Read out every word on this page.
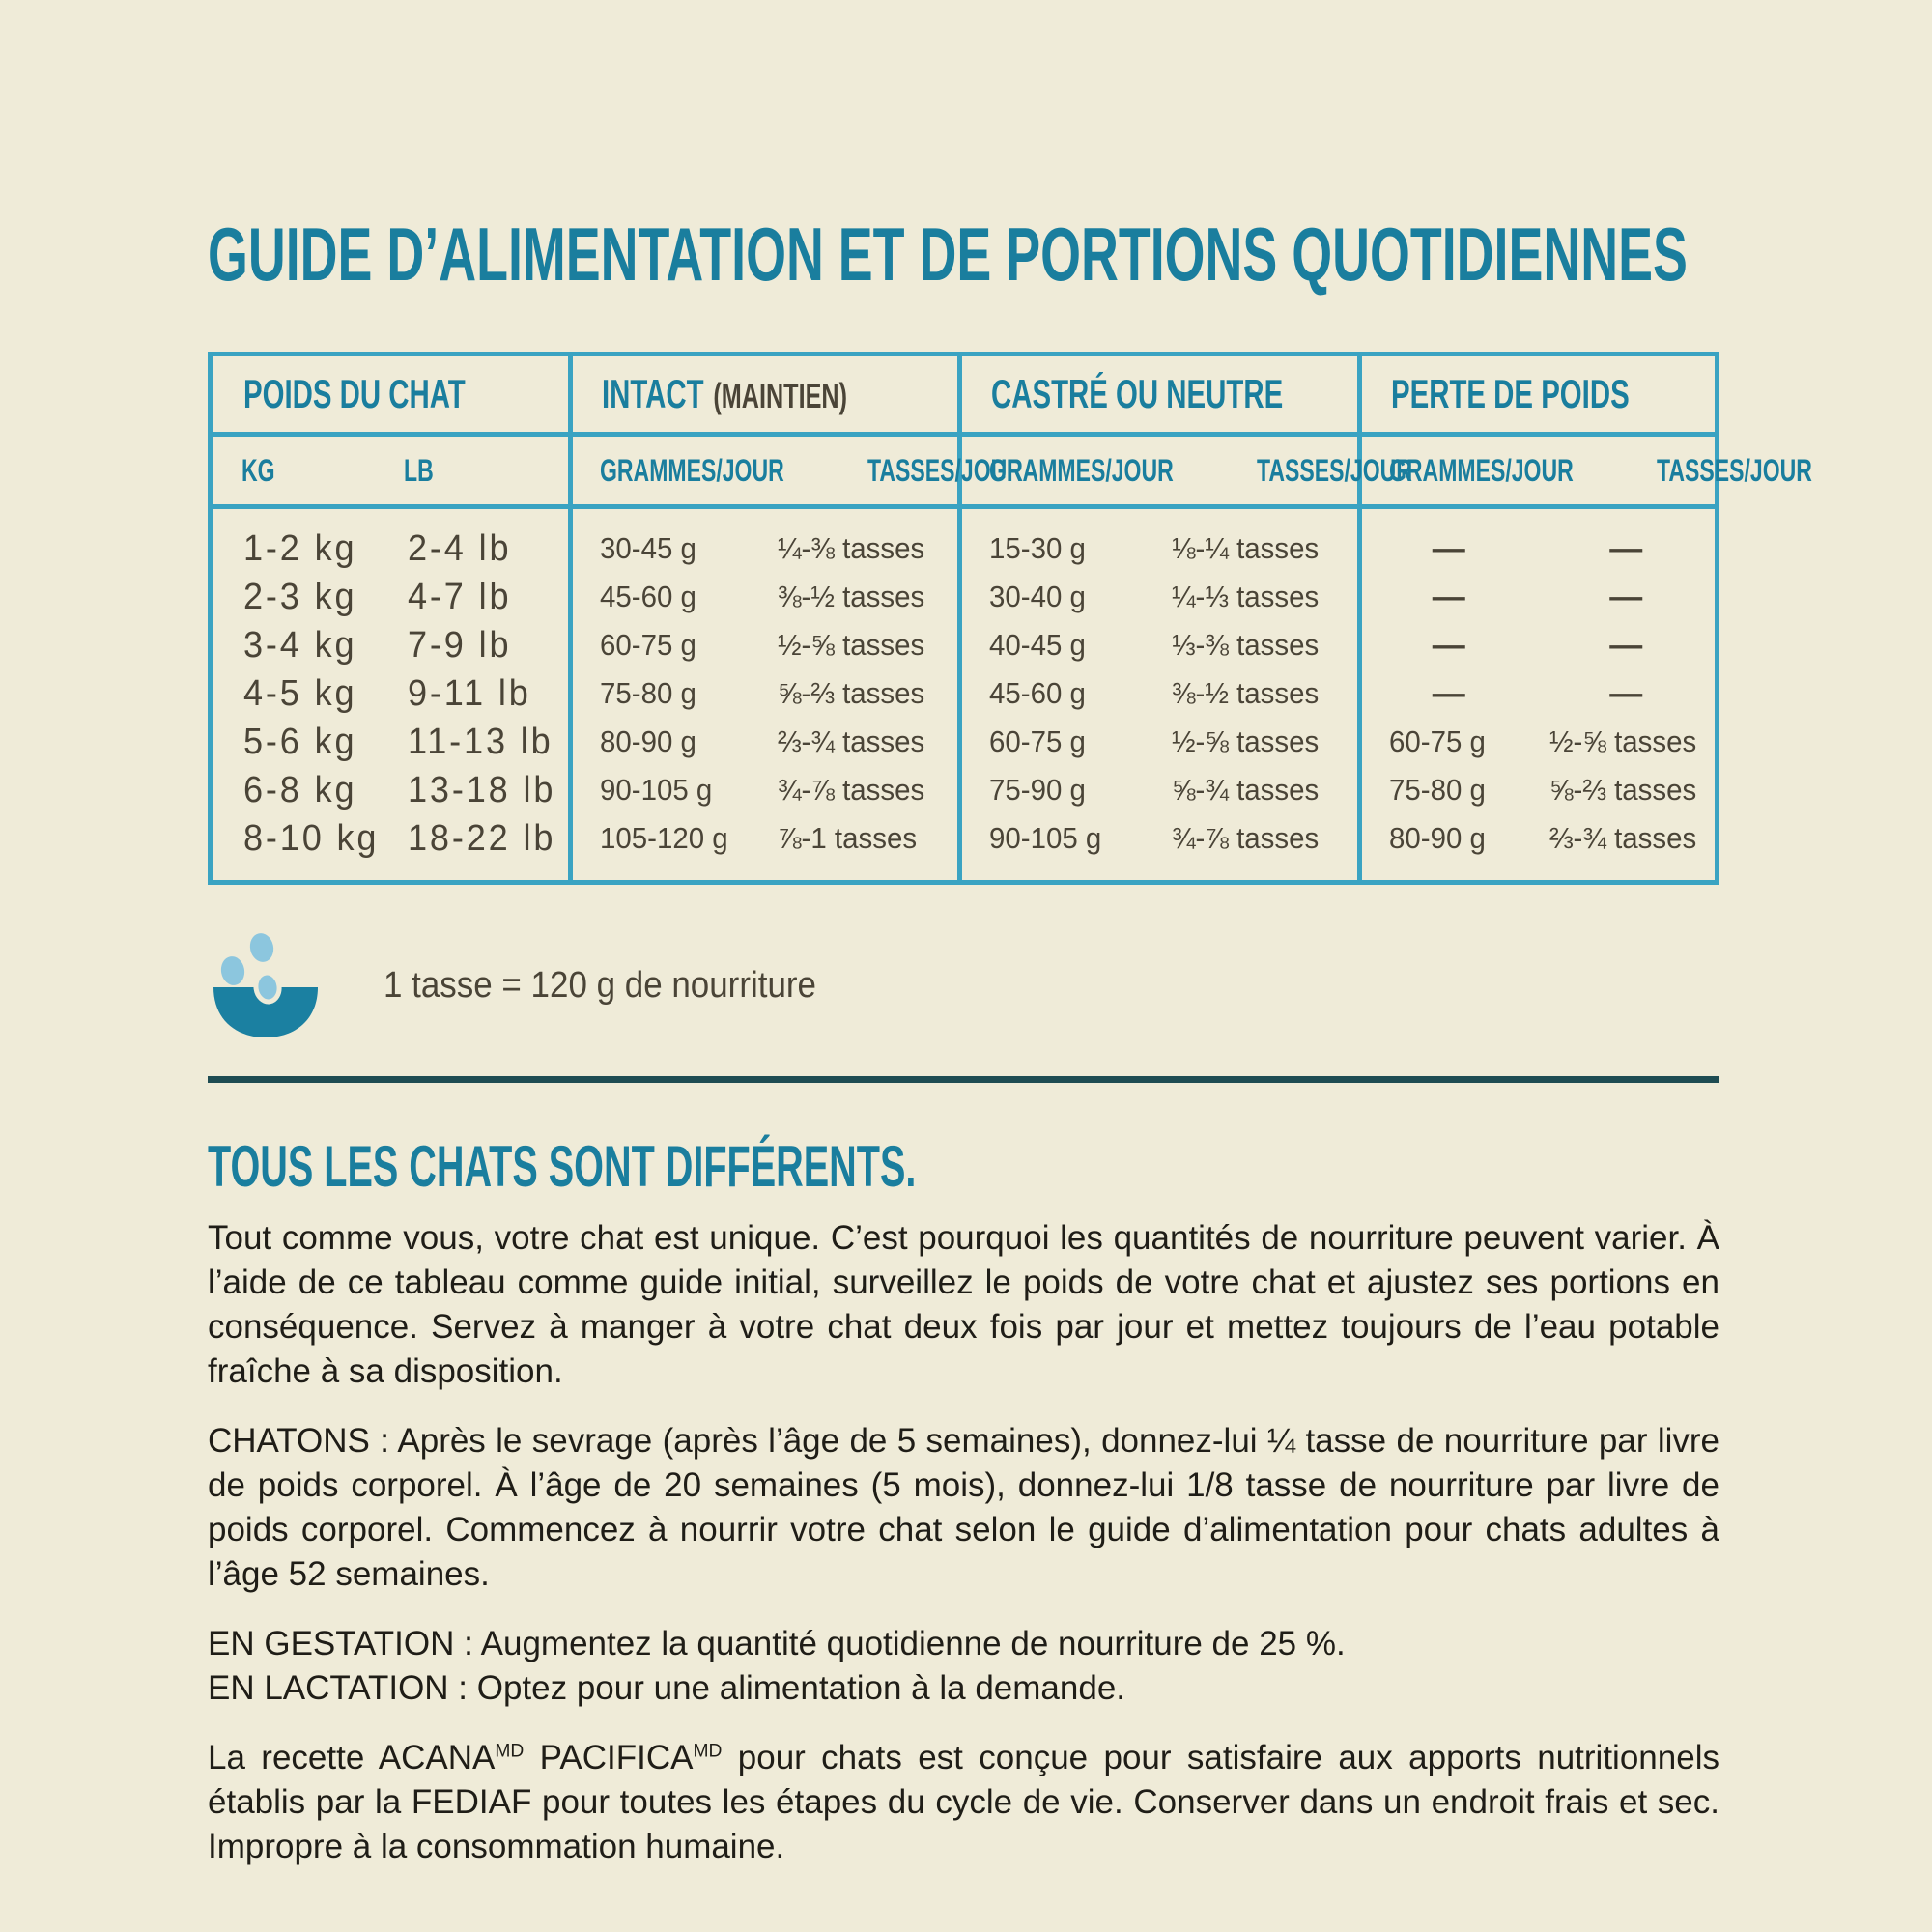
GUIDE D’ALIMENTATION ET DE PORTIONS QUOTIDIENNES
POIDS DU CHAT	INTACT (MAINTIEN)	CASTRÉ OU NEUTRE	PERTE DE POIDS
KG	LB	GRAMMES/JOUR	TASSES/JOUR
GRAMMES/JOUR	TASSES/JOUR
GRAMMES/JOUR	TASSES/JOUR
1-2 kg	2-4 lb	30-45 g	¼-⅜ tasses	15-30 g	⅛-¼ tasses	—	—
2-3 kg	4-7 lb	45-60 g	⅜-½ tasses	30-40 g	¼-⅓ tasses	—	—
3-4 kg	7-9 lb	60-75 g	½-⅝ tasses	40-45 g	⅓-⅜ tasses	—	—
4-5 kg	9-11 lb	75-80 g	⅝-⅔ tasses	45-60 g	⅜-½ tasses	—	—
5-6 kg	11-13 lb	80-90 g	⅔-¾ tasses	60-75 g	½-⅝ tasses	60-75 g	½-⅝ tasses
6-8 kg	13-18 lb	90-105 g	¾-⅞ tasses	75-90 g	⅝-¾ tasses	75-80 g	⅝-⅔ tasses
8-10 kg 18-22 lb	105-120 g	⅞-1 tasses	90-105 g	¾-⅞ tasses	80-90 g	⅔-¾ tasses
1 tasse = 120 g de nourriture
TOUS LES CHATS SONT DIFFÉRENTS.

Tout comme vous, votre chat est unique. C’est pourquoi les quantités de nourriture peuvent varier. À l’aide de ce tableau comme guide initial, surveillez le poids de votre chat et ajustez ses portions en conséquence. Servez à manger à votre chat deux fois par jour et mettez toujours de l’eau potable fraîche à sa disposition.

CHATONS : Après le sevrage (après l’âge de 5 semaines), donnez-lui ¼ tasse de nourriture par livre de poids corporel. À l’âge de 20 semaines (5 mois), donnez-lui 1/8 tasse de nourriture par livre de poids corporel. Commencez à nourrir votre chat selon le guide d’alimentation pour chats adultes à l’âge 52 semaines.

EN GESTATION : Augmentez la quantité quotidienne de nourriture de 25 %.

EN LACTATION : Optez pour une alimentation à la demande.

La recette $ACANA^{MD}$ $PACIFICA^{MD}$ pour chats est conçue pour satisfaire aux apports nutritionnels établis par la FEDIAF pour toutes les étapes du cycle de vie. Conserver dans un endroit frais et sec. Impropre à la consommation humaine.
